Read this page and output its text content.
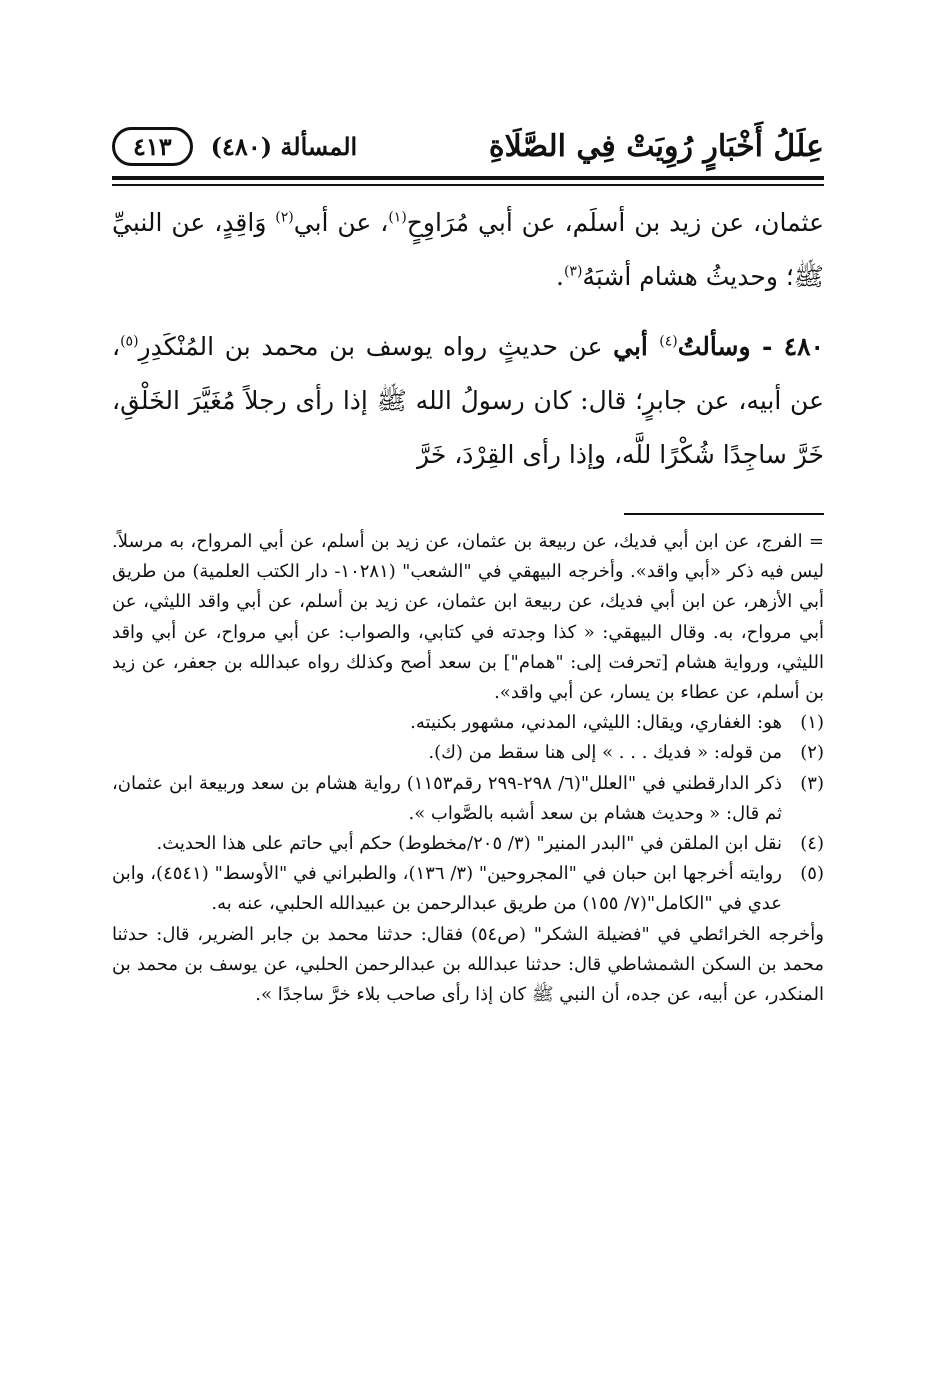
عِلَلُ أَخْبَارٍ رُوِيَتْ فِي الصَّلَاةِ
المسألة (٤٨٠)
٤١٣

عثمان، عن زيد بن أسلَم، عن أبي مُرَاوِحٍ$^{(١)}$، عن أبي$^{(٢)}$ وَاقِدٍ، عن النبيِّ ﷺ؛ وحديثُ هشام أشبَهُ$^{(٣)}$.

٤٨٠ - وسألتُ$^{(٤)}$ أبي عن حديثٍ رواه يوسف بن محمد بن المُنْكَدِرِ$^{(٥)}$، عن أبيه، عن جابرٍ؛ قال: كان رسولُ الله ﷺ إذا رأى رجلاً مُغَيَّرَ الخَلْقِ، خَرَّ ساجِدًا شُكْرًا للَّه، وإذا رأى القِرْدَ، خَرَّ

= الفرج، عن ابن أبي فديك، عن ربيعة بن عثمان، عن زيد بن أسلم، عن أبي المرواح، به مرسلاً. ليس فيه ذكر «أبي واقد». وأخرجه البيهقي في "الشعب" (١٠٢٨١- دار الكتب العلمية) من طريق أبي الأزهر، عن ابن أبي فديك، عن ربيعة ابن عثمان، عن زيد بن أسلم، عن أبي واقد الليثي، عن أبي مرواح، به. وقال البيهقي: « كذا وجدته في كتابي، والصواب: عن أبي مرواح، عن أبي واقد الليثي، ورواية هشام [تحرفت إلى: "همام"] بن سعد أصح وكذلك رواه عبدالله بن جعفر، عن زيد بن أسلم، عن عطاء بن يسار، عن أبي واقد».

(١)
هو: الغفاري، ويقال: الليثي، المدني، مشهور بكنيته.
(٢)
من قوله: « فديك . . . » إلى هنا سقط من (ك).
(٣)
ذكر الدارقطني في "العلل"(٦/ ٢٩٨-٢٩٩ رقم١١٥٣) رواية هشام بن سعد وربيعة ابن عثمان، ثم قال: « وحديث هشام بن سعد أشبه بالصَّواب ».
(٤)
نقل ابن الملقن في "البدر المنير" (٣/ ٢٠٥/مخطوط) حكم أبي حاتم على هذا الحديث.
(٥)
روايته أخرجها ابن حبان في "المجروحين" (٣/ ١٣٦)، والطبراني في "الأوسط" (٤٥٤١)، وابن عدي في "الكامل"(٧/ ١٥٥) من طريق عبدالرحمن بن عبيدالله الحلبي، عنه به.

وأخرجه الخرائطي في "فضيلة الشكر" (ص٥٤) فقال: حدثنا محمد بن جابر الضرير، قال: حدثنا محمد بن السكن الشمشاطي قال: حدثنا عبدالله بن عبدالرحمن الحلبي، عن يوسف بن محمد بن المنكدر، عن أبيه، عن جده، أن النبي ﷺ كان إذا رأى صاحب بلاء خرَّ ساجدًا ».
